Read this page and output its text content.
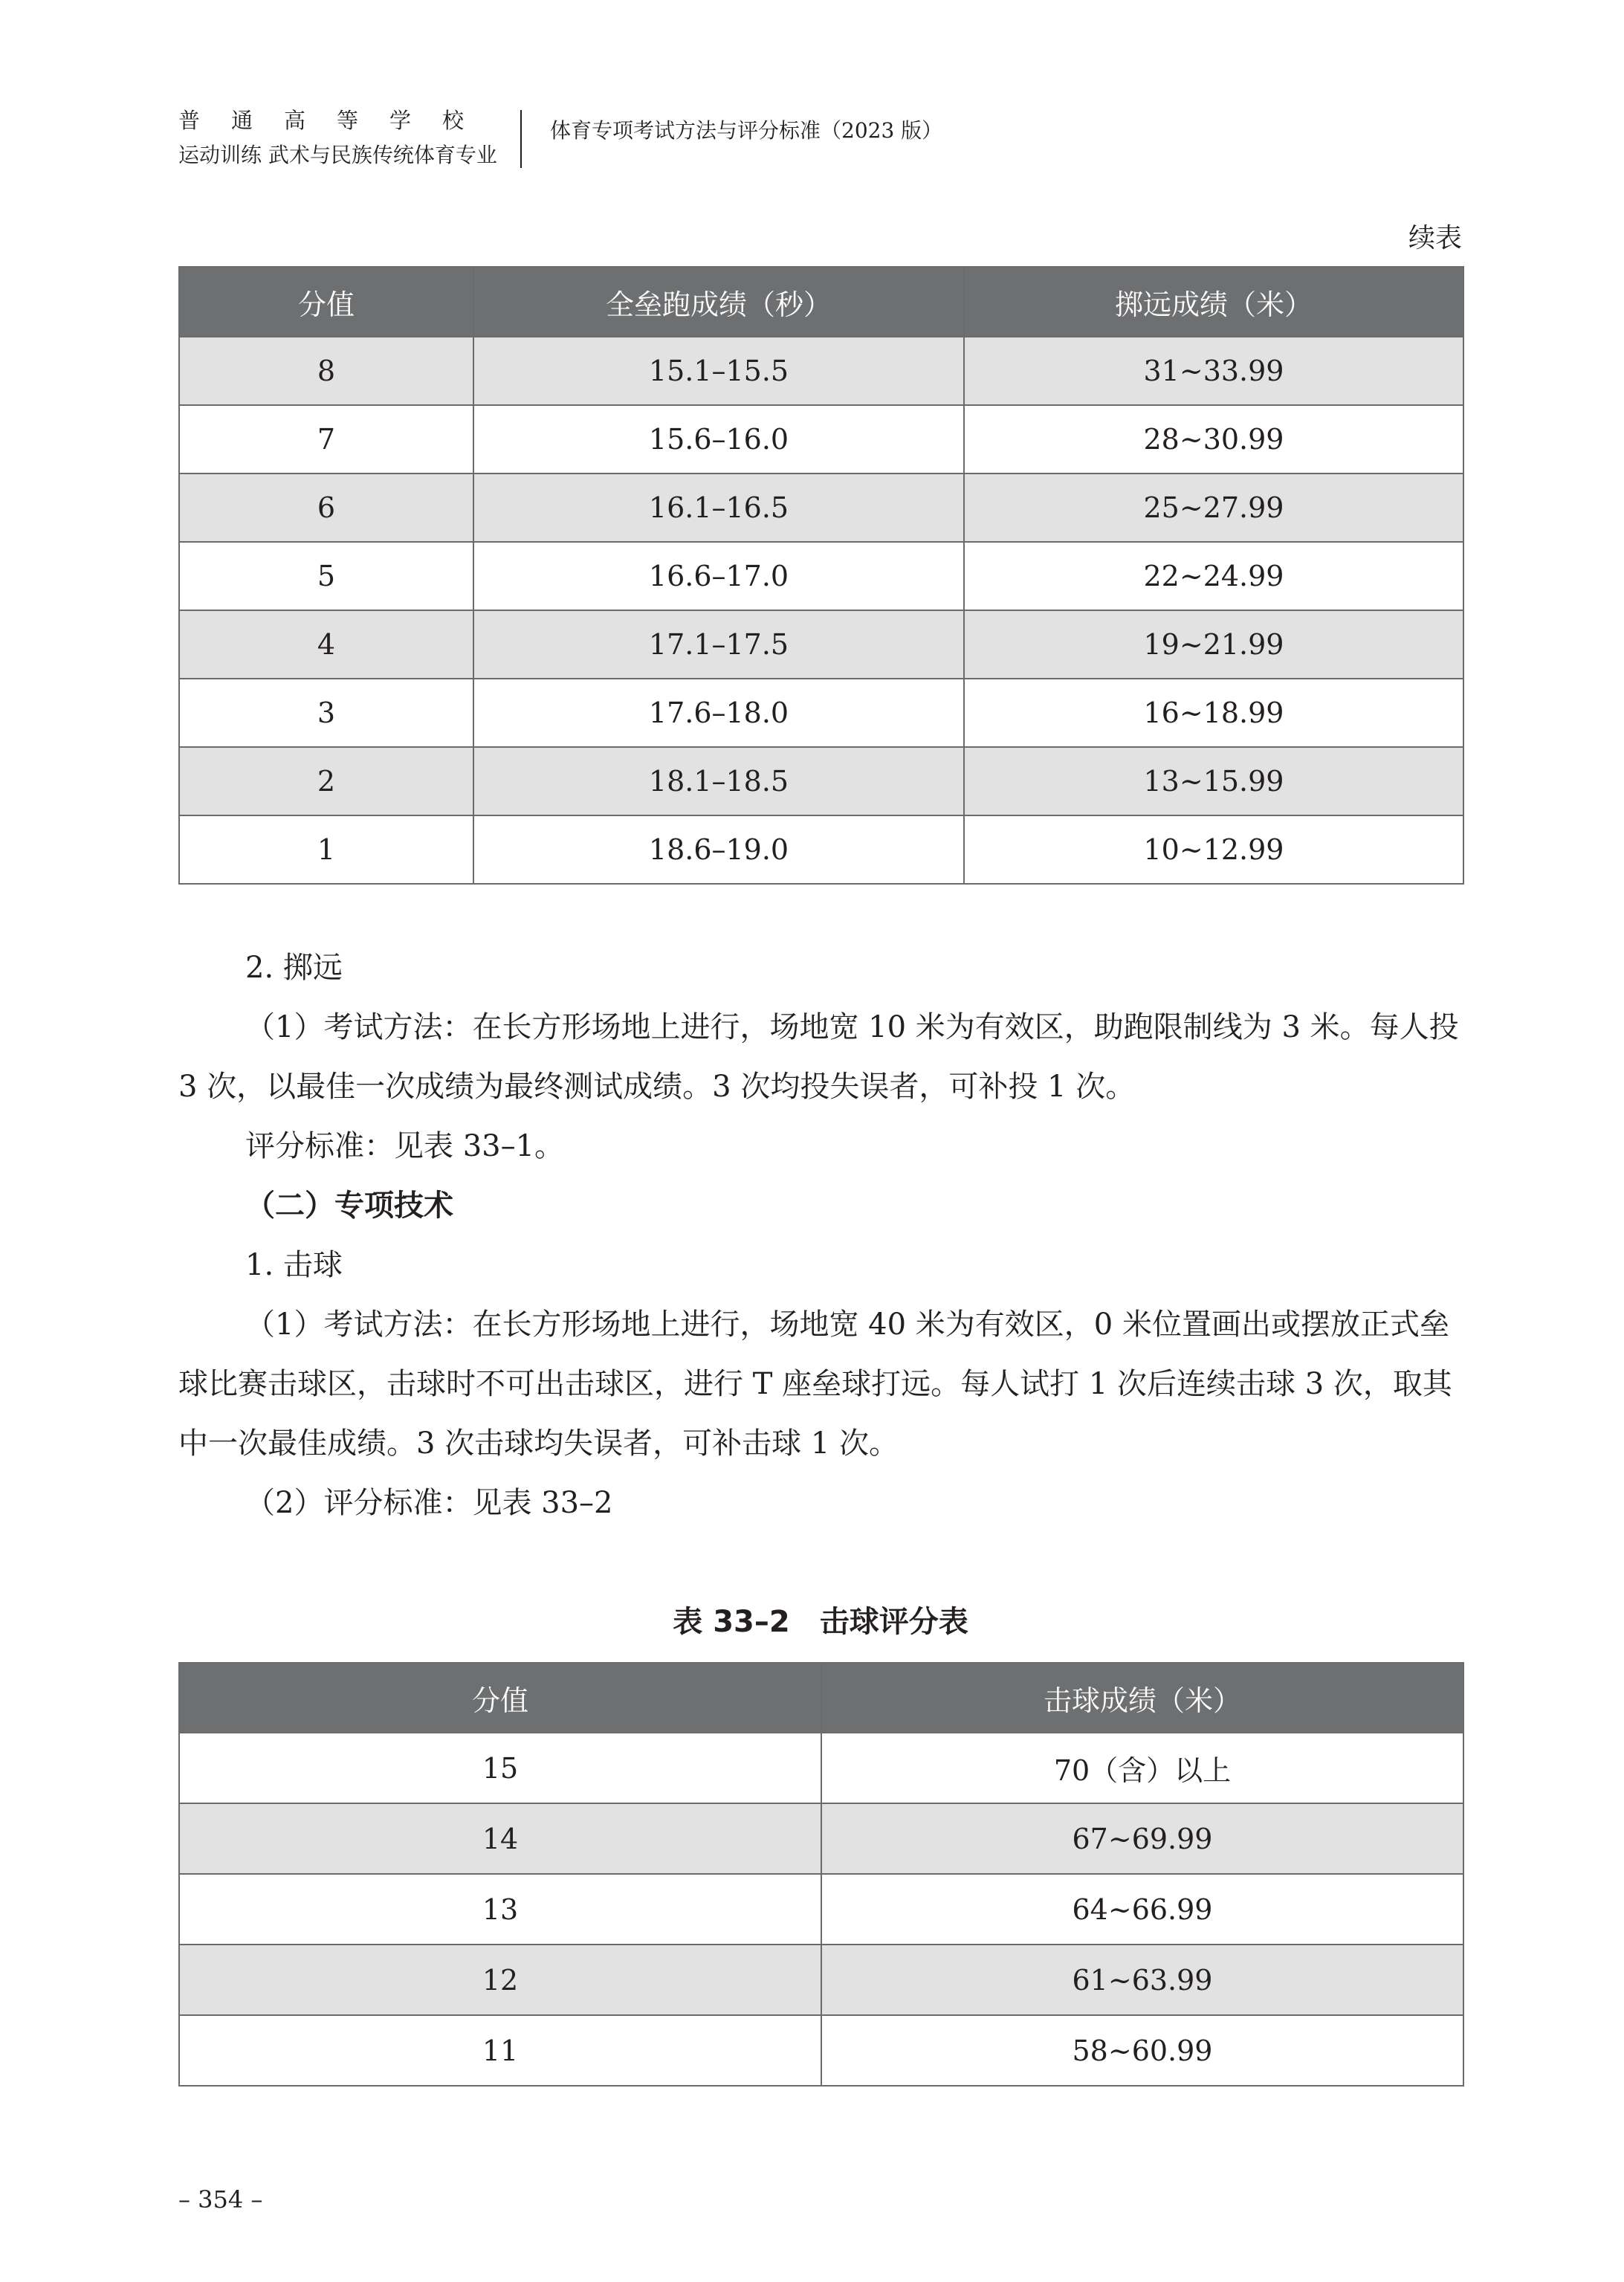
普通高等学校
运动训练 武术与民族传统体育专业
体育专项考试方法与评分标准（2023 版）
续表
分值	全垒跑成绩（秒）	掷远成绩（米）
8	15.1–15.5	31~33.99
7	15.6–16.0	28~30.99
6	16.1–16.5	25~27.99
5	16.6–17.0	22~24.99
4	17.1–17.5	19~21.99
3	17.6–18.0	16~18.99
2	18.1–18.5	13~15.99
1	18.6–19.0	10~12.99

2. 掷远

（1）考试方法：在长方形场地上进行，场地宽 10 米为有效区，助跑限制线为 3 米。每人投 3 次，以最佳一次成绩为最终测试成绩。3 次均投失误者，可补投 1 次。

评分标准：见表 33–1。

（二）专项技术

1. 击球

（1）考试方法：在长方形场地上进行，场地宽 40 米为有效区，0 米位置画出或摆放正式垒球比赛击球区，击球时不可出击球区，进行 T 座垒球打远。每人试打 1 次后连续击球 3 次，取其中一次最佳成绩。3 次击球均失误者，可补击球 1 次。

（2）评分标准：见表 33–2

表 33–2　击球评分表
分值	击球成绩（米）
15	70（含）以上
14	67~69.99
13	64~66.99
12	61~63.99
11	58~60.99
– 354 –
